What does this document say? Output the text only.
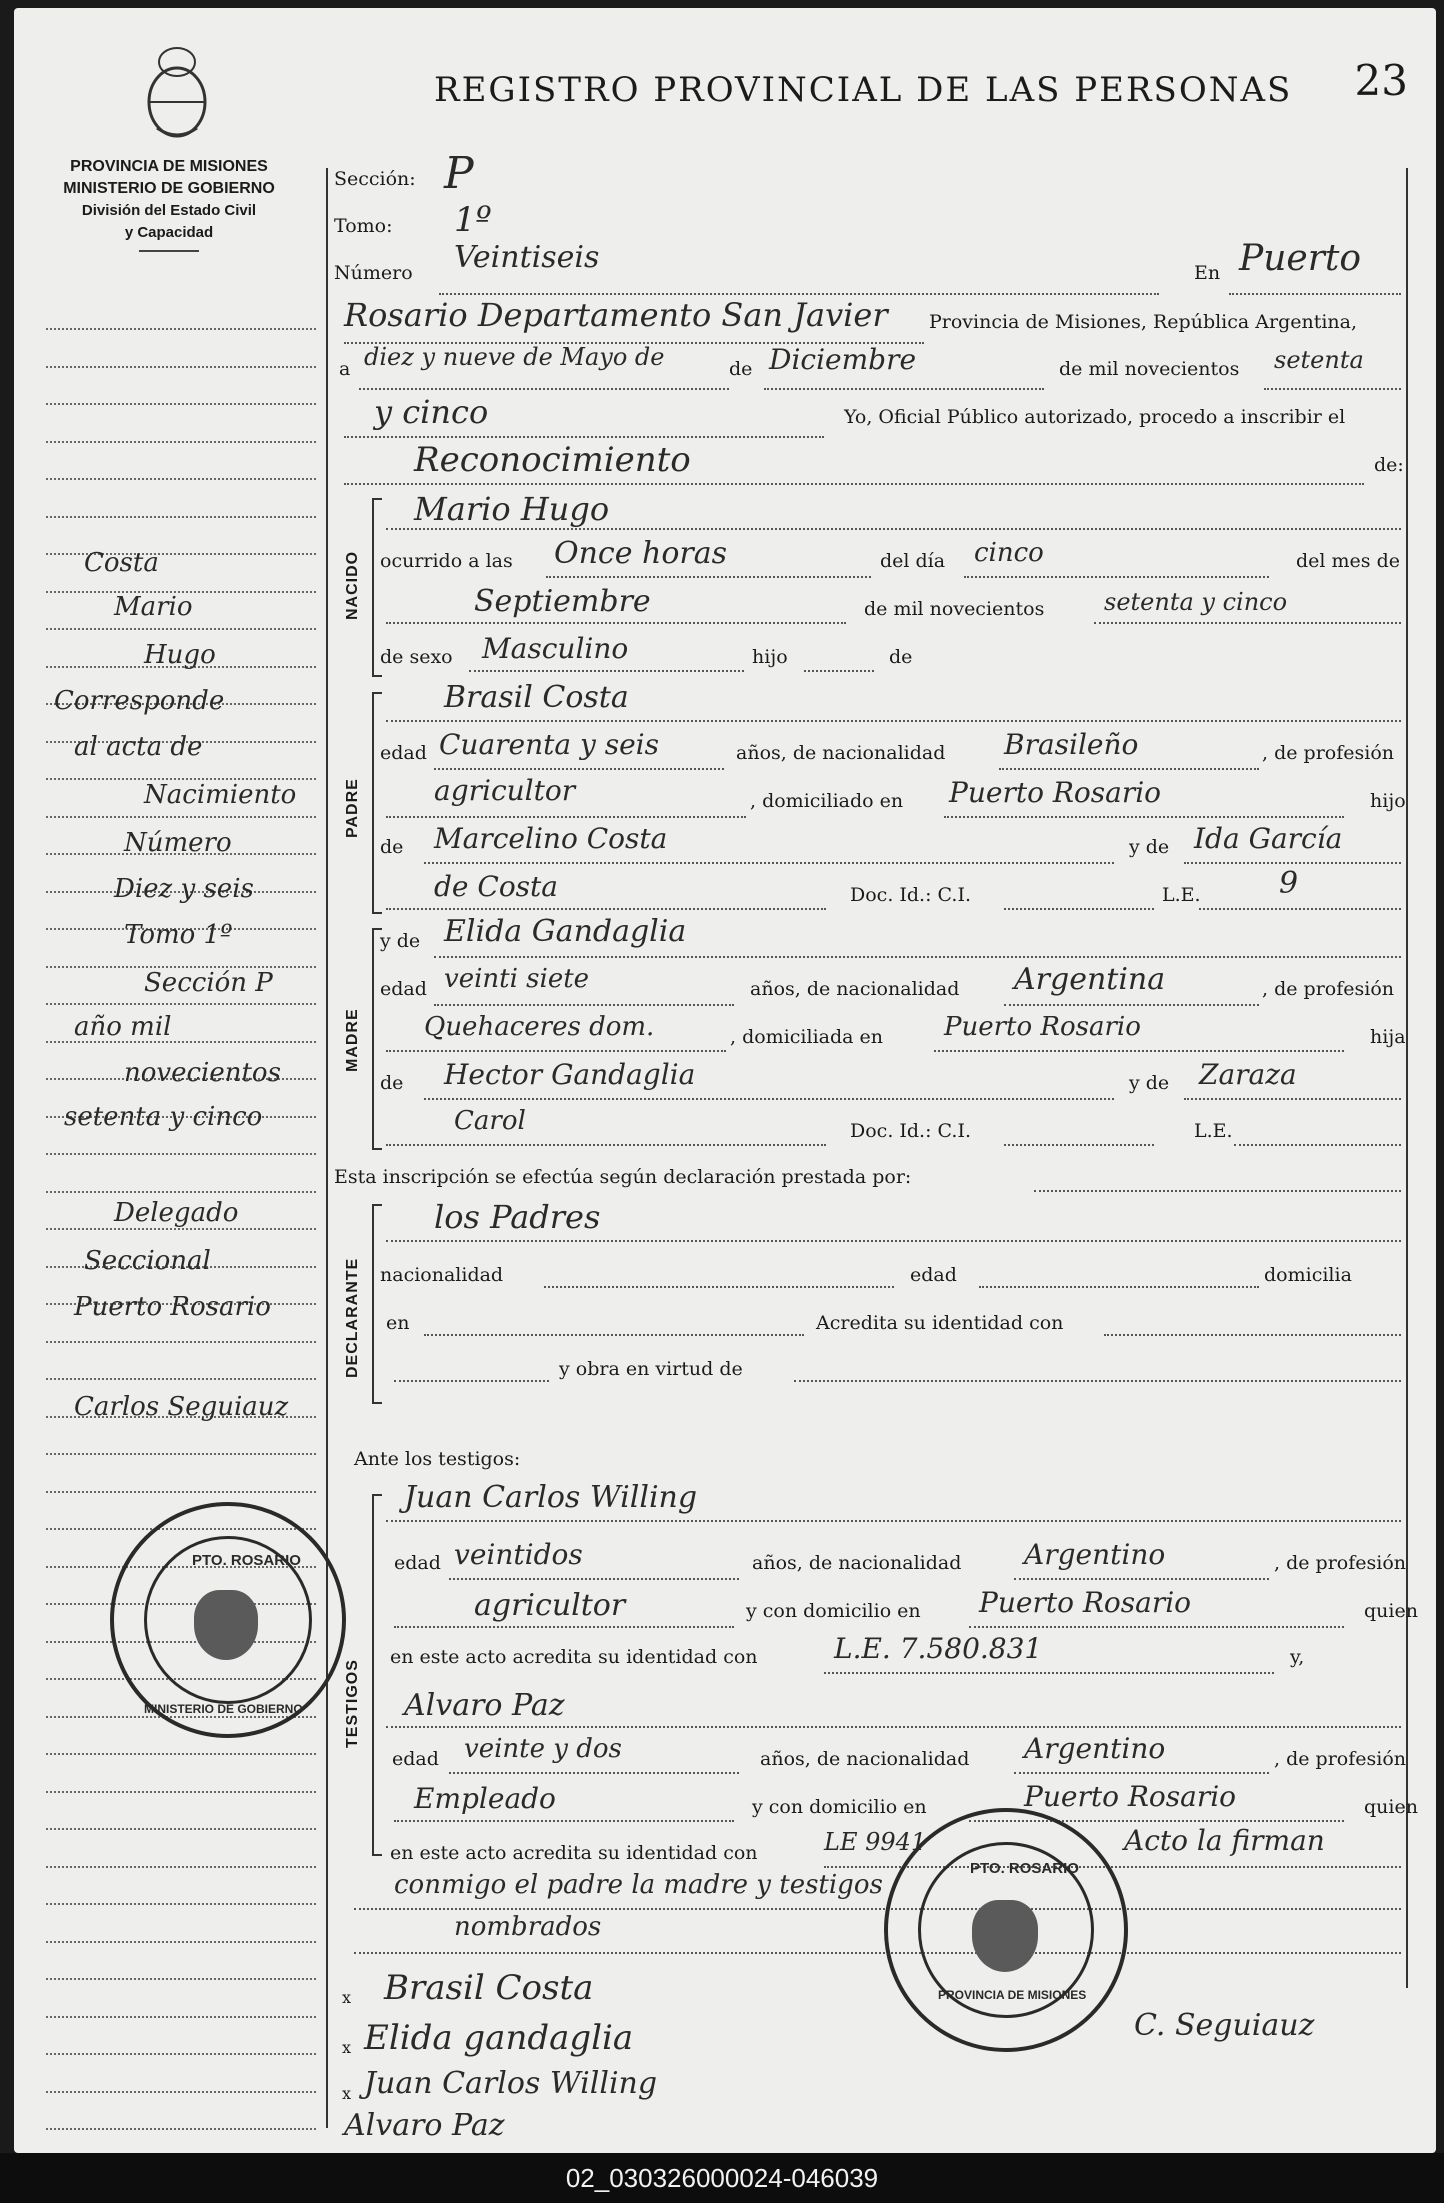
PROVINCIA DE MISIONES
MINISTERIO DE GOBIERNO
División del Estado Civil
y Capacidad
REGISTRO PROVINCIAL DE LAS PERSONAS 23
Costa
Mario
Hugo
Corresponde
al acta de
Nacimiento
Número
Diez y seis
Tomo 1º
Sección P
año mil
novecientos
setenta y cinco
Delegado
Seccional
Puerto Rosario
Carlos Seguiauz
Sección: P
Tomo: 1º
Número Veintiseis	En Puerto
Rosario Departamento San Javier Provincia de Misiones, República Argentina,
a diez y nueve de Mayo de	de Diciembre	de mil novecientos setenta
y cinco	Yo, Oficial Público autorizado, procedo a inscribir el
Reconocimiento	de:
NACIDO
Mario Hugo
ocurrido a las Once horas	del día cinco	del mes de
Septiembre	de mil novecientos setenta y cinco
de sexo Masculino	hijo	de
PADRE
Brasil Costa
edad Cuarenta y seis	años, de nacionalidad Brasileño	, de profesión
agricultor	, domiciliado en Puerto Rosario	hijo
de Marcelino Costa	y de Ida García
de Costa	Doc. Id.: C.I.	L.E.	9
MADRE
y de Elida Gandaglia
edad veinti siete	años, de nacionalidad Argentina	, de profesión
Quehaceres dom.	, domiciliada en Puerto Rosario	hija
de Hector Gandaglia	y de Zaraza
Carol	Doc. Id.: C.I.	L.E.
Esta inscripción se efectúa según declaración prestada por:
DECLARANTE
los Padres
nacionalidad	edad	domicilia
en	Acredita su identidad con
y obra en virtud de
Ante los testigos:
TESTIGOS
Juan Carlos Willing
edad veintidos	años, de nacionalidad Argentino	, de profesión
agricultor	y con domicilio en Puerto Rosario	quien
en este acto acredita su identidad con	L.E. 7.580.831	y,
Alvaro Paz
edad veinte y dos	años, de nacionalidad Argentino	, de profesión
Empleado	y con domicilio en	Puerto Rosario	quien
en este acto acredita su identidad con	LE 9941	Acto la firman
conmigo el padre la madre y testigos
nombrados
x Brasil Costa
x Elida gandaglia
x Juan Carlos Willing
Alvaro Paz
C. Seguiauz
PTO. ROSARIO
MINISTERIO DE GOBIERNO
PTO. ROSARIO
PROVINCIA DE MISIONES
02_030326000024-046039
